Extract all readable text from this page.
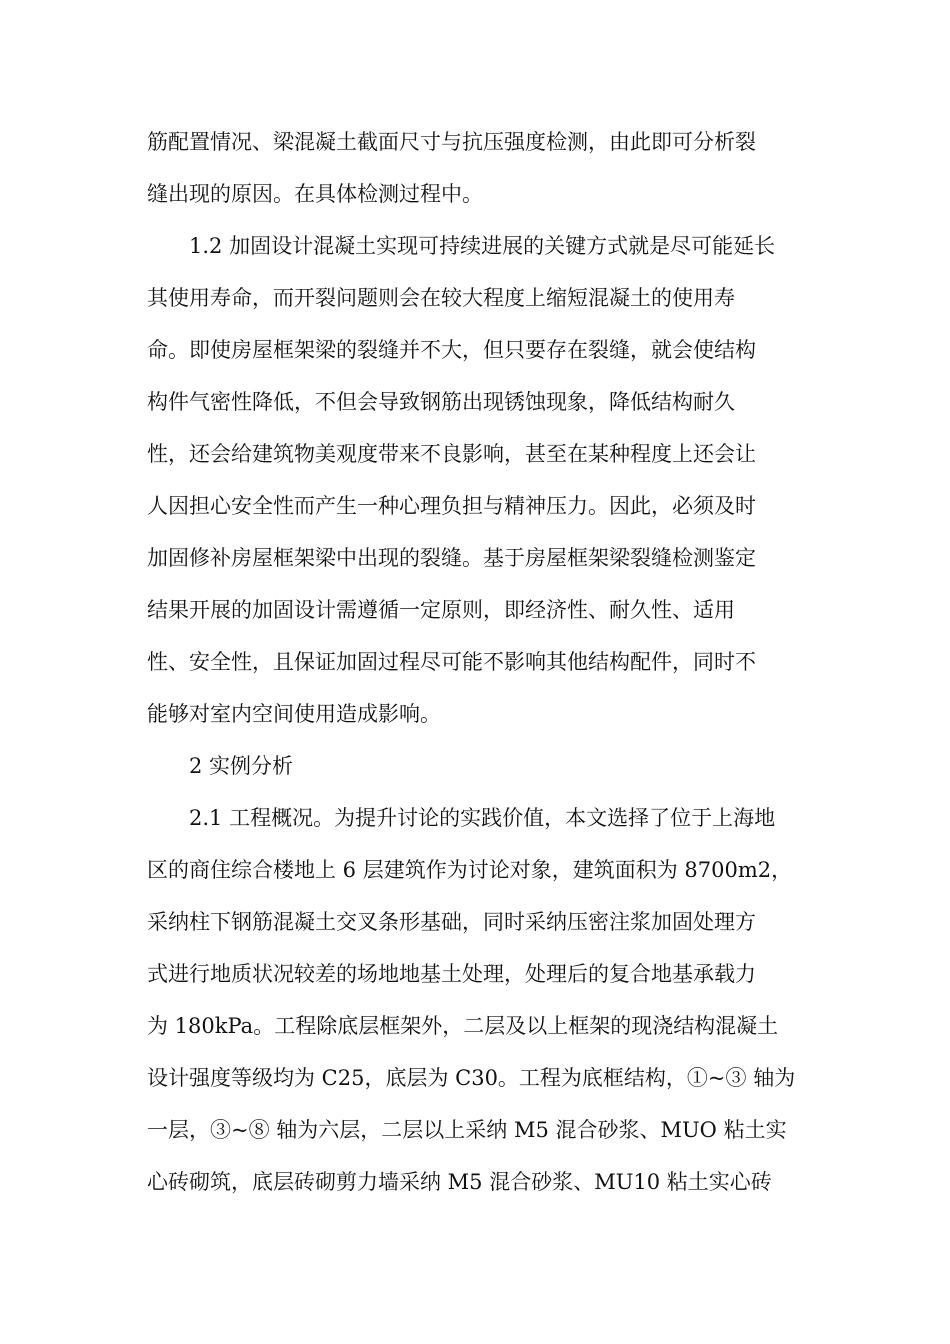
筋配置情况、梁混凝土截面尺寸与抗压强度检测，由此即可分析裂
缝出现的原因。在具体检测过程中。
1.2 加固设计混凝土实现可持续进展的关键方式就是尽可能延长
其使用寿命，而开裂问题则会在较大程度上缩短混凝土的使用寿
命。即使房屋框架梁的裂缝并不大，但只要存在裂缝，就会使结构
构件气密性降低，不但会导致钢筋出现锈蚀现象，降低结构耐久
性，还会给建筑物美观度带来不良影响，甚至在某种程度上还会让
人因担心安全性而产生一种心理负担与精神压力。因此，必须及时
加固修补房屋框架梁中出现的裂缝。基于房屋框架梁裂缝检测鉴定
结果开展的加固设计需遵循一定原则，即经济性、耐久性、适用
性、安全性，且保证加固过程尽可能不影响其他结构配件，同时不
能够对室内空间使用造成影响。
2 实例分析
2.1 工程概况。为提升讨论的实践价值，本文选择了位于上海地
区的商住综合楼地上 6 层建筑作为讨论对象，建筑面积为 8700m2，
采纳柱下钢筋混凝土交叉条形基础，同时采纳压密注浆加固处理方
式进行地质状况较差的场地地基土处理，处理后的复合地基承载力
为 180kPa。工程除底层框架外，二层及以上框架的现浇结构混凝土
设计强度等级均为 C25，底层为 C30。工程为底框结构，①~③ 轴为
一层，③~⑧ 轴为六层，二层以上采纳 M5 混合砂浆、MUO 粘土实
心砖砌筑，底层砖砌剪力墙采纳 M5 混合砂浆、MU10 粘土实心砖
